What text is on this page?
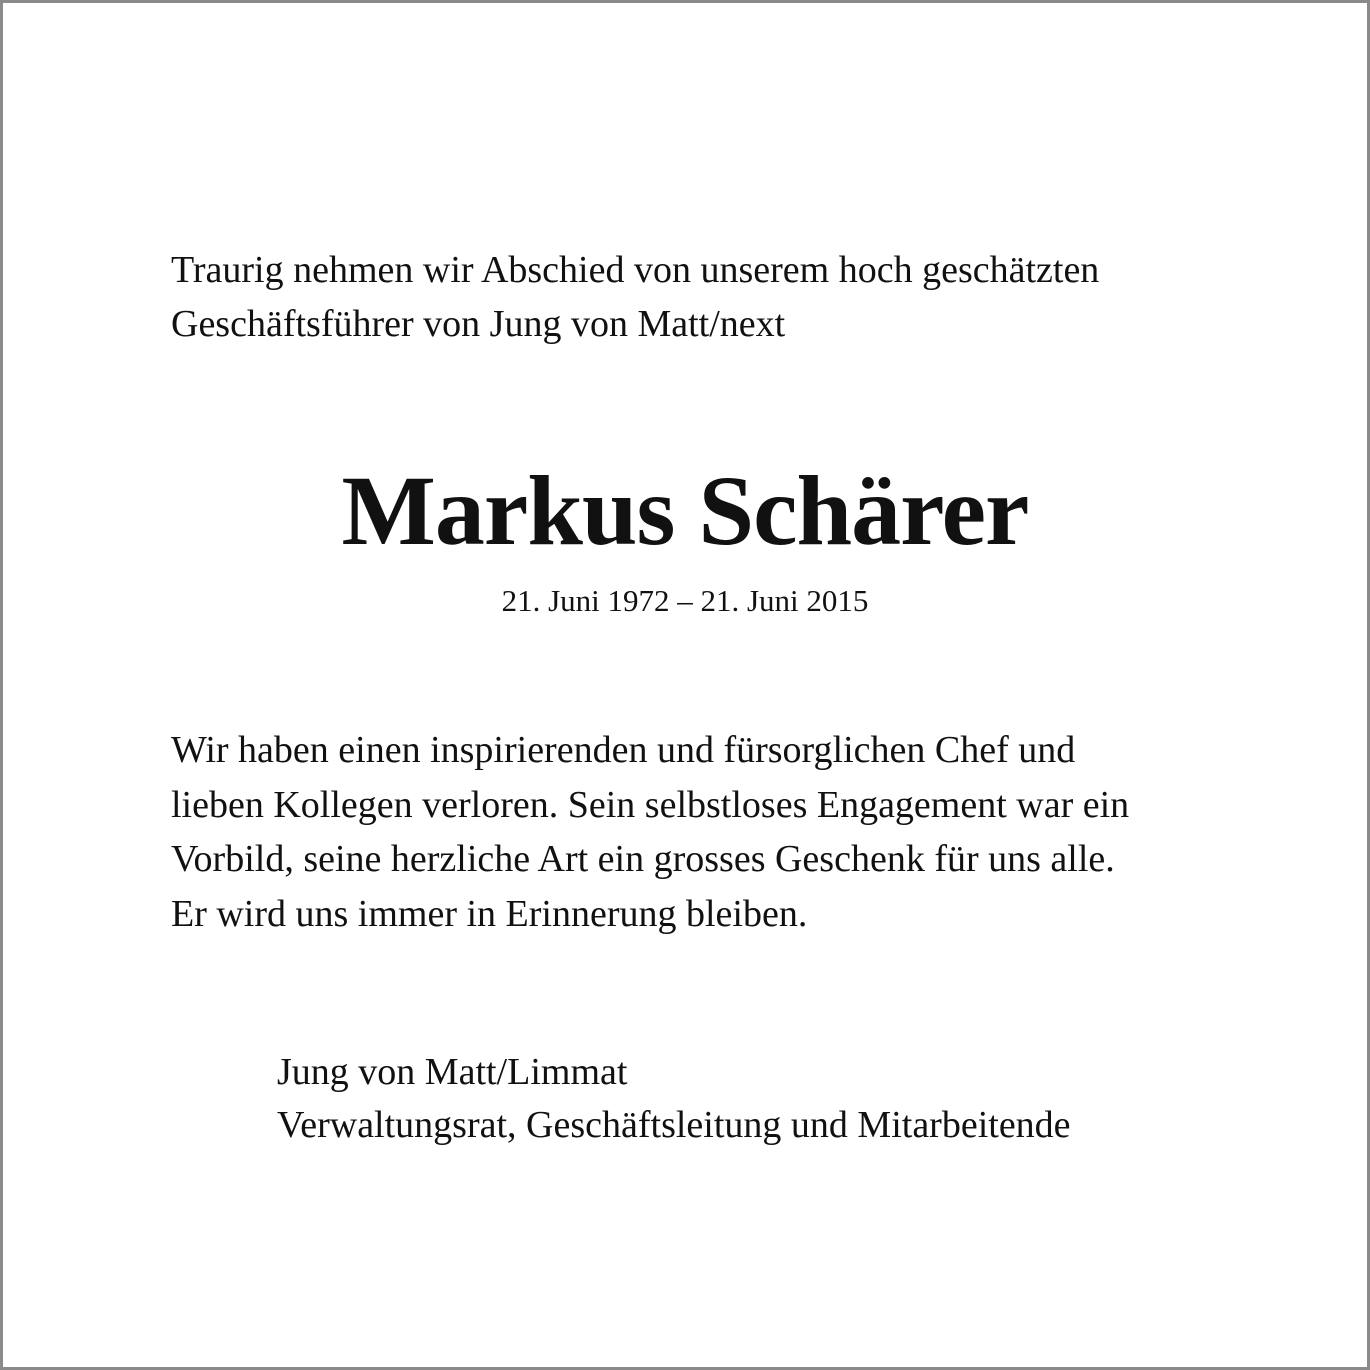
Traurig nehmen wir Abschied von unserem hoch geschätzten
Geschäftsführer von Jung von Matt/next
Markus Schärer
21. Juni 1972 – 21. Juni 2015
Wir haben einen inspirierenden und fürsorglichen Chef und
lieben Kollegen verloren. Sein selbstloses Engagement war ein
Vorbild, seine herzliche Art ein grosses Geschenk für uns alle.
Er wird uns immer in Erinnerung bleiben.
Jung von Matt/Limmat
Verwaltungsrat, Geschäftsleitung und Mitarbeitende
